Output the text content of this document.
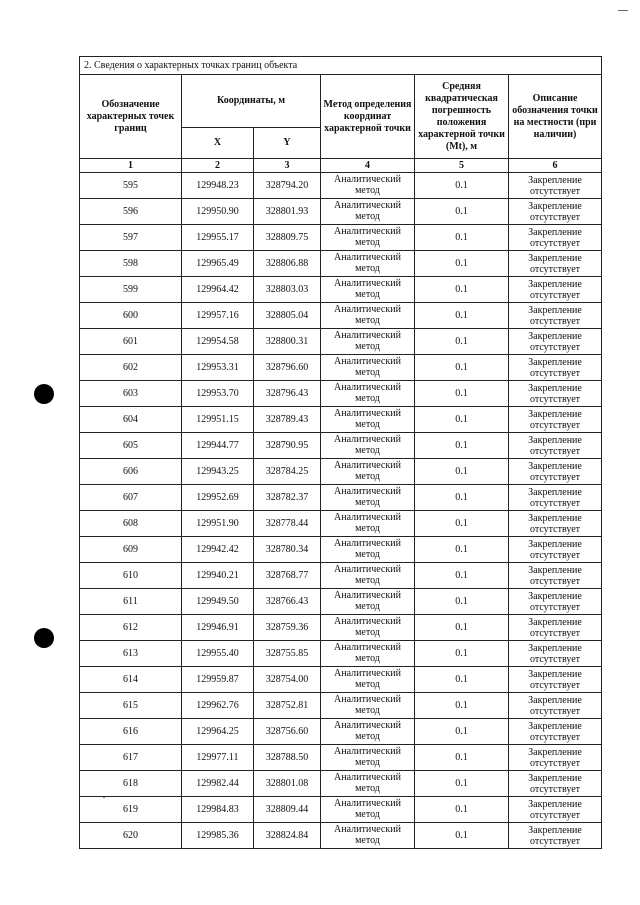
2. Сведения о характерных точках границ объекта					
Обозначение характерных точек границ	Координаты, м		Метод определения координат характерной точки	Средняя квадратическая погрешность положения характерной точки (Mt), м	Описание обозначения точки на местности (при наличии)
	X	Y			
1	2	3	4	5	6
595	129948.23	328794.20	Аналитический
метод	0.1	Закрепление
отсутствует

596	129950.90	328801.93	Аналитический
метод	0.1	Закрепление
отсутствует

597	129955.17	328809.75	Аналитический
метод	0.1	Закрепление
отсутствует

598	129965.49	328806.88	Аналитический
метод	0.1	Закрепление
отсутствует

599	129964.42	328803.03	Аналитический
метод	0.1	Закрепление
отсутствует

600	129957.16	328805.04	Аналитический
метод	0.1	Закрепление
отсутствует

601	129954.58	328800.31	Аналитический
метод	0.1	Закрепление
отсутствует

602	129953.31	328796.60	Аналитический
метод	0.1	Закрепление
отсутствует

603	129953.70	328796.43	Аналитический
метод	0.1	Закрепление
отсутствует

604	129951.15	328789.43	Аналитический
метод	0.1	Закрепление
отсутствует

605	129944.77	328790.95	Аналитический
метод	0.1	Закрепление
отсутствует

606	129943.25	328784.25	Аналитический
метод	0.1	Закрепление
отсутствует

607	129952.69	328782.37	Аналитический
метод	0.1	Закрепление
отсутствует

608	129951.90	328778.44	Аналитический
метод	0.1	Закрепление
отсутствует

609	129942.42	328780.34	Аналитический
метод	0.1	Закрепление
отсутствует

610	129940.21	328768.77	Аналитический
метод	0.1	Закрепление
отсутствует

611	129949.50	328766.43	Аналитический
метод	0.1	Закрепление
отсутствует

612	129946.91	328759.36	Аналитический
метод	0.1	Закрепление
отсутствует

613	129955.40	328755.85	Аналитический
метод	0.1	Закрепление
отсутствует

614	129959.87	328754.00	Аналитический
метод	0.1	Закрепление
отсутствует

615	129962.76	328752.81	Аналитический
метод	0.1	Закрепление
отсутствует

616	129964.25	328756.60	Аналитический
метод	0.1	Закрепление
отсутствует

617	129977.11	328788.50	Аналитический
метод	0.1	Закрепление
отсутствует

618	129982.44	328801.08	Аналитический
метод	0.1	Закрепление
отсутствует

619	129984.83	328809.44	Аналитический
метод	0.1	Закрепление
отсутствует

620	129985.36	328824.84	Аналитический
метод	0.1	Закрепление
отсутствует
